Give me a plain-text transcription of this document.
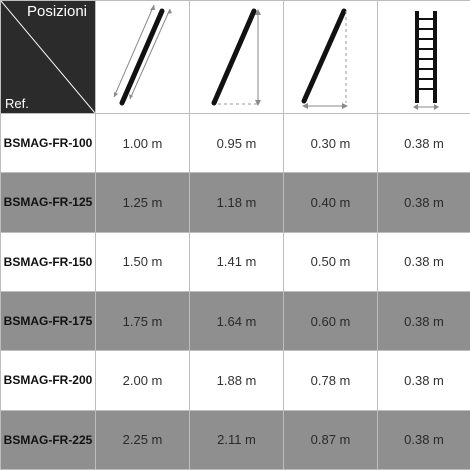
Posizioni
Ref.

BSMAG-FR-100	1.00 m	0.95 m	0.30 m	0.38 m
BSMAG-FR-125	1.25 m	1.18 m	0.40 m	0.38 m
BSMAG-FR-150	1.50 m	1.41 m	0.50 m	0.38 m
BSMAG-FR-175	1.75 m	1.64 m	0.60 m	0.38 m
BSMAG-FR-200	2.00 m	1.88 m	0.78 m	0.38 m
BSMAG-FR-225	2.25 m	2.11 m	0.87 m	0.38 m
